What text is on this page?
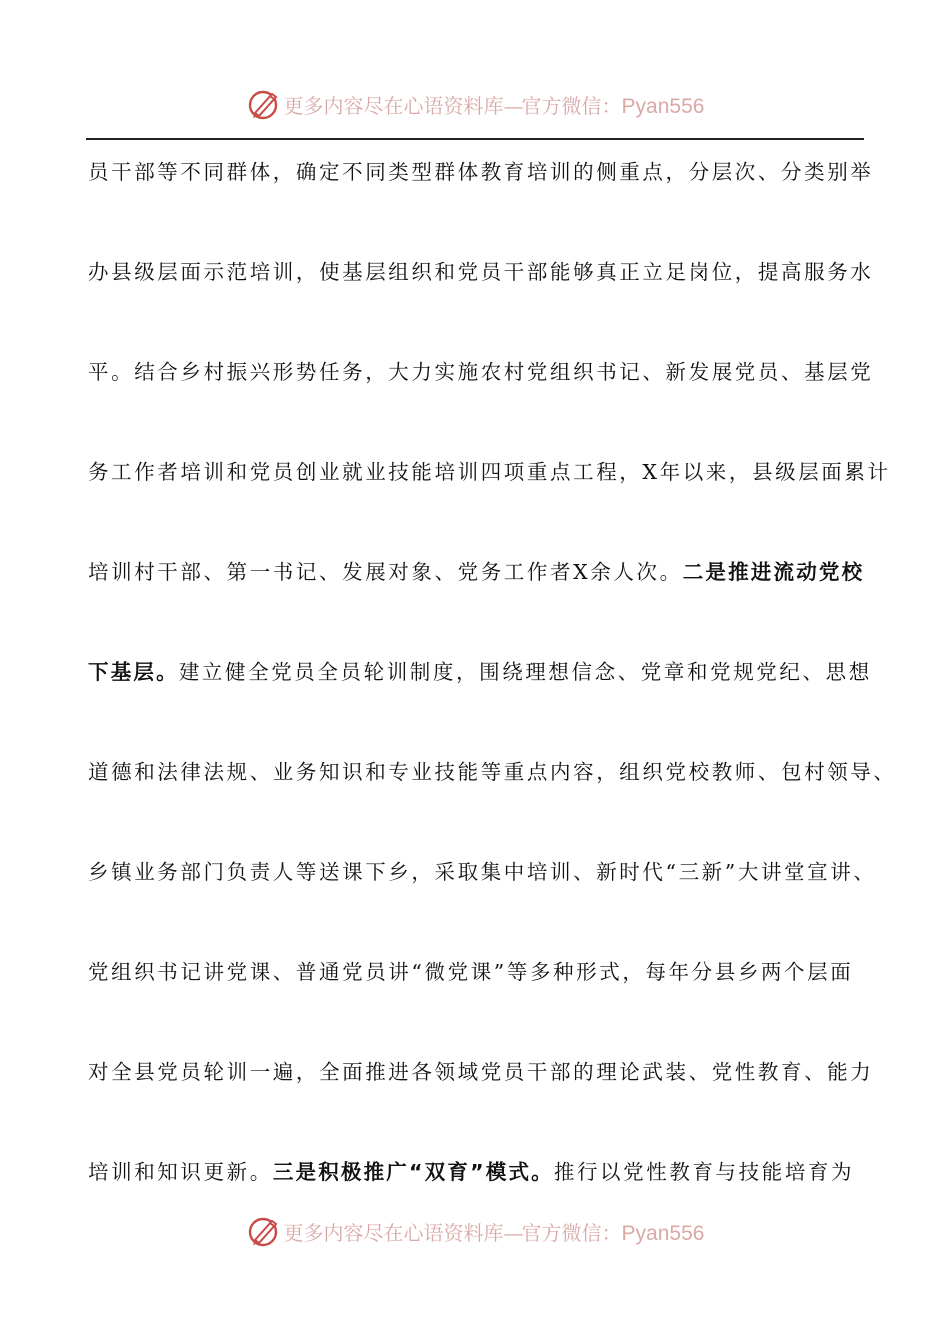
更多内容尽在心语资料库—官方微信：Pyan556
员干部等不同群体，确定不同类型群体教育培训的侧重点，分层次、分类别举
办县级层面示范培训，使基层组织和党员干部能够真正立足岗位，提高服务水
平。结合乡村振兴形势任务，大力实施农村党组织书记、新发展党员、基层党
务工作者培训和党员创业就业技能培训四项重点工程，X年以来，县级层面累计
培训村干部、第一书记、发展对象、党务工作者X余人次。二是推进流动党校
下基层。建立健全党员全员轮训制度，围绕理想信念、党章和党规党纪、思想
道德和法律法规、业务知识和专业技能等重点内容，组织党校教师、包村领导、
乡镇业务部门负责人等送课下乡，采取集中培训、新时代“三新”大讲堂宣讲、
党组织书记讲党课、普通党员讲“微党课”等多种形式，每年分县乡两个层面
对全县党员轮训一遍，全面推进各领域党员干部的理论武装、党性教育、能力
培训和知识更新。三是积极推广“双育”模式。推行以党性教育与技能培育为
更多内容尽在心语资料库—官方微信：Pyan556
